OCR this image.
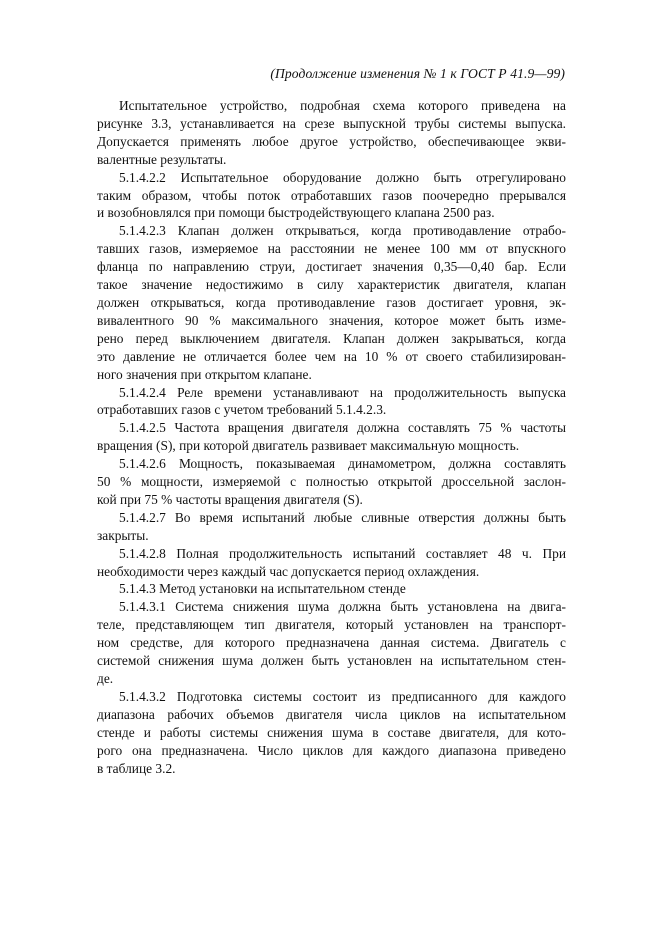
(Продолжение изменения № 1 к ГОСТ Р 41.9—99)

Испытательное устройство, подробная схема которого приведена на
рисунке 3.3, устанавливается на срезе выпускной трубы системы выпуска.
Допускается применять любое другое устройство, обеспечивающее экви-
валентные результаты.

5.1.4.2.2 Испытательное оборудование должно быть отрегулировано
таким образом, чтобы поток отработавших газов поочередно прерывался
и возобновлялся при помощи быстродействующего клапана 2500 раз.

5.1.4.2.3 Клапан должен открываться, когда противодавление отрабо-
тавших газов, измеряемое на расстоянии не менее 100 мм от впускного
фланца по направлению струи, достигает значения 0,35—0,40 бар. Если
такое значение недостижимо в силу характеристик двигателя, клапан
должен открываться, когда противодавление газов достигает уровня, эк-
вивалентного 90 % максимального значения, которое может быть изме-
рено перед выключением двигателя. Клапан должен закрываться, когда
это давление не отличается более чем на 10 % от своего стабилизирован-
ного значения при открытом клапане.

5.1.4.2.4 Реле времени устанавливают на продолжительность выпуска
отработавших газов с учетом требований 5.1.4.2.3.

5.1.4.2.5 Частота вращения двигателя должна составлять 75 % частоты
вращения (S), при которой двигатель развивает максимальную мощность.

5.1.4.2.6 Мощность, показываемая динамометром, должна составлять
50 % мощности, измеряемой с полностью открытой дроссельной заслон-
кой при 75 % частоты вращения двигателя (S).

5.1.4.2.7 Во время испытаний любые сливные отверстия должны быть
закрыты.

5.1.4.2.8 Полная продолжительность испытаний составляет 48 ч. При
необходимости через каждый час допускается период охлаждения.

5.1.4.3 Метод установки на испытательном стенде

5.1.4.3.1 Система снижения шума должна быть установлена на двига-
теле, представляющем тип двигателя, который установлен на транспорт-
ном средстве, для которого предназначена данная система. Двигатель с
системой снижения шума должен быть установлен на испытательном стен-
де.

5.1.4.3.2 Подготовка системы состоит из предписанного для каждого
диапазона рабочих объемов двигателя числа циклов на испытательном
стенде и работы системы снижения шума в составе двигателя, для кото-
рого она предназначена. Число циклов для каждого диапазона приведено
в таблице 3.2.
